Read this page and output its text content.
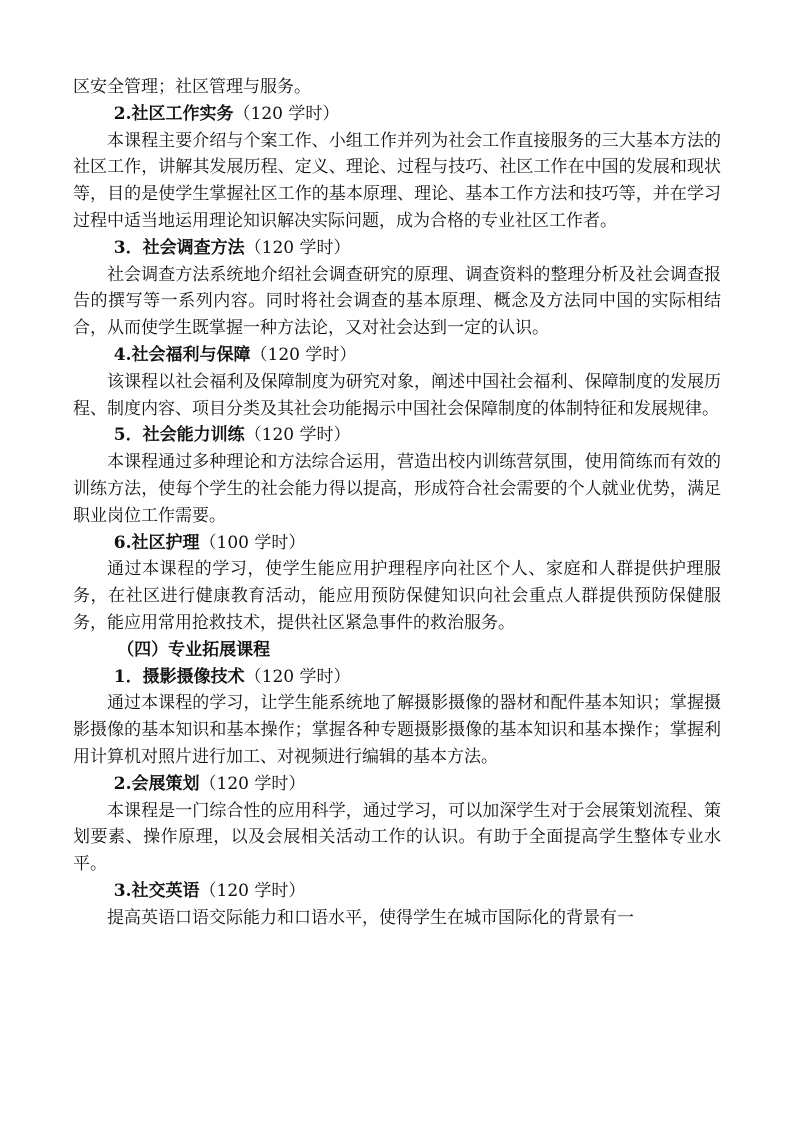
区安全管理；社区管理与服务。

2.社区工作实务（120 学时）

本课程主要介绍与个案工作、小组工作并列为社会工作直接服务的三大基本方法的社区工作，讲解其发展历程、定义、理论、过程与技巧、社区工作在中国的发展和现状等，目的是使学生掌握社区工作的基本原理、理论、基本工作方法和技巧等，并在学习过程中适当地运用理论知识解决实际问题，成为合格的专业社区工作者。

3．社会调查方法（120 学时）

社会调查方法系统地介绍社会调查研究的原理、调查资料的整理分析及社会调查报告的撰写等一系列内容。同时将社会调查的基本原理、概念及方法同中国的实际相结合，从而使学生既掌握一种方法论，又对社会达到一定的认识。

4.社会福利与保障（120 学时）

该课程以社会福利及保障制度为研究对象，阐述中国社会福利、保障制度的发展历程、制度内容、项目分类及其社会功能揭示中国社会保障制度的体制特征和发展规律。

5．社会能力训练（120 学时）

本课程通过多种理论和方法综合运用，营造出校内训练营氛围，使用简练而有效的训练方法，使每个学生的社会能力得以提高，形成符合社会需要的个人就业优势，满足职业岗位工作需要。

6.社区护理（100 学时）

通过本课程的学习，使学生能应用护理程序向社区个人、家庭和人群提供护理服务，在社区进行健康教育活动，能应用预防保健知识向社会重点人群提供预防保健服务，能应用常用抢救技术，提供社区紧急事件的救治服务。

（四）专业拓展课程

1．摄影摄像技术（120 学时）

通过本课程的学习，让学生能系统地了解摄影摄像的器材和配件基本知识；掌握摄影摄像的基本知识和基本操作；掌握各种专题摄影摄像的基本知识和基本操作；掌握利用计算机对照片进行加工、对视频进行编辑的基本方法。

2.会展策划（120 学时）

本课程是一门综合性的应用科学，通过学习，可以加深学生对于会展策划流程、策划要素、操作原理，以及会展相关活动工作的认识。有助于全面提高学生整体专业水平。

3.社交英语（120 学时）

提高英语口语交际能力和口语水平，使得学生在城市国际化的背景有一
